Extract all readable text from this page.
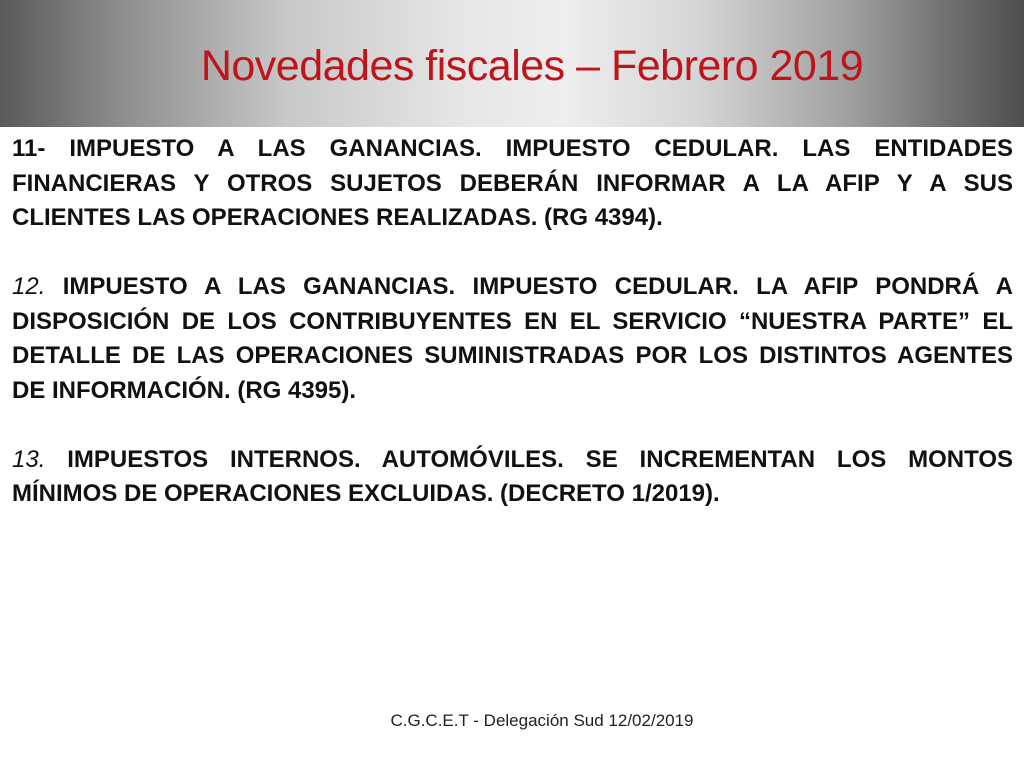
Novedades fiscales – Febrero 2019

11- IMPUESTO A LAS GANANCIAS. IMPUESTO CEDULAR. LAS ENTIDADES FINANCIERAS Y OTROS SUJETOS DEBERÁN INFORMAR A LA AFIP Y A SUS CLIENTES LAS OPERACIONES REALIZADAS. (RG 4394).

12. IMPUESTO A LAS GANANCIAS. IMPUESTO CEDULAR. LA AFIP PONDRÁ A DISPOSICIÓN DE LOS CONTRIBUYENTES EN EL SERVICIO “NUESTRA PARTE” EL DETALLE DE LAS OPERACIONES SUMINISTRADAS POR LOS DISTINTOS AGENTES DE INFORMACIÓN. (RG 4395).

13. IMPUESTOS INTERNOS. AUTOMÓVILES. SE INCREMENTAN LOS MONTOS MÍNIMOS DE OPERACIONES EXCLUIDAS. (DECRETO 1/2019).

C.G.C.E.T - Delegación Sud 12/02/2019
